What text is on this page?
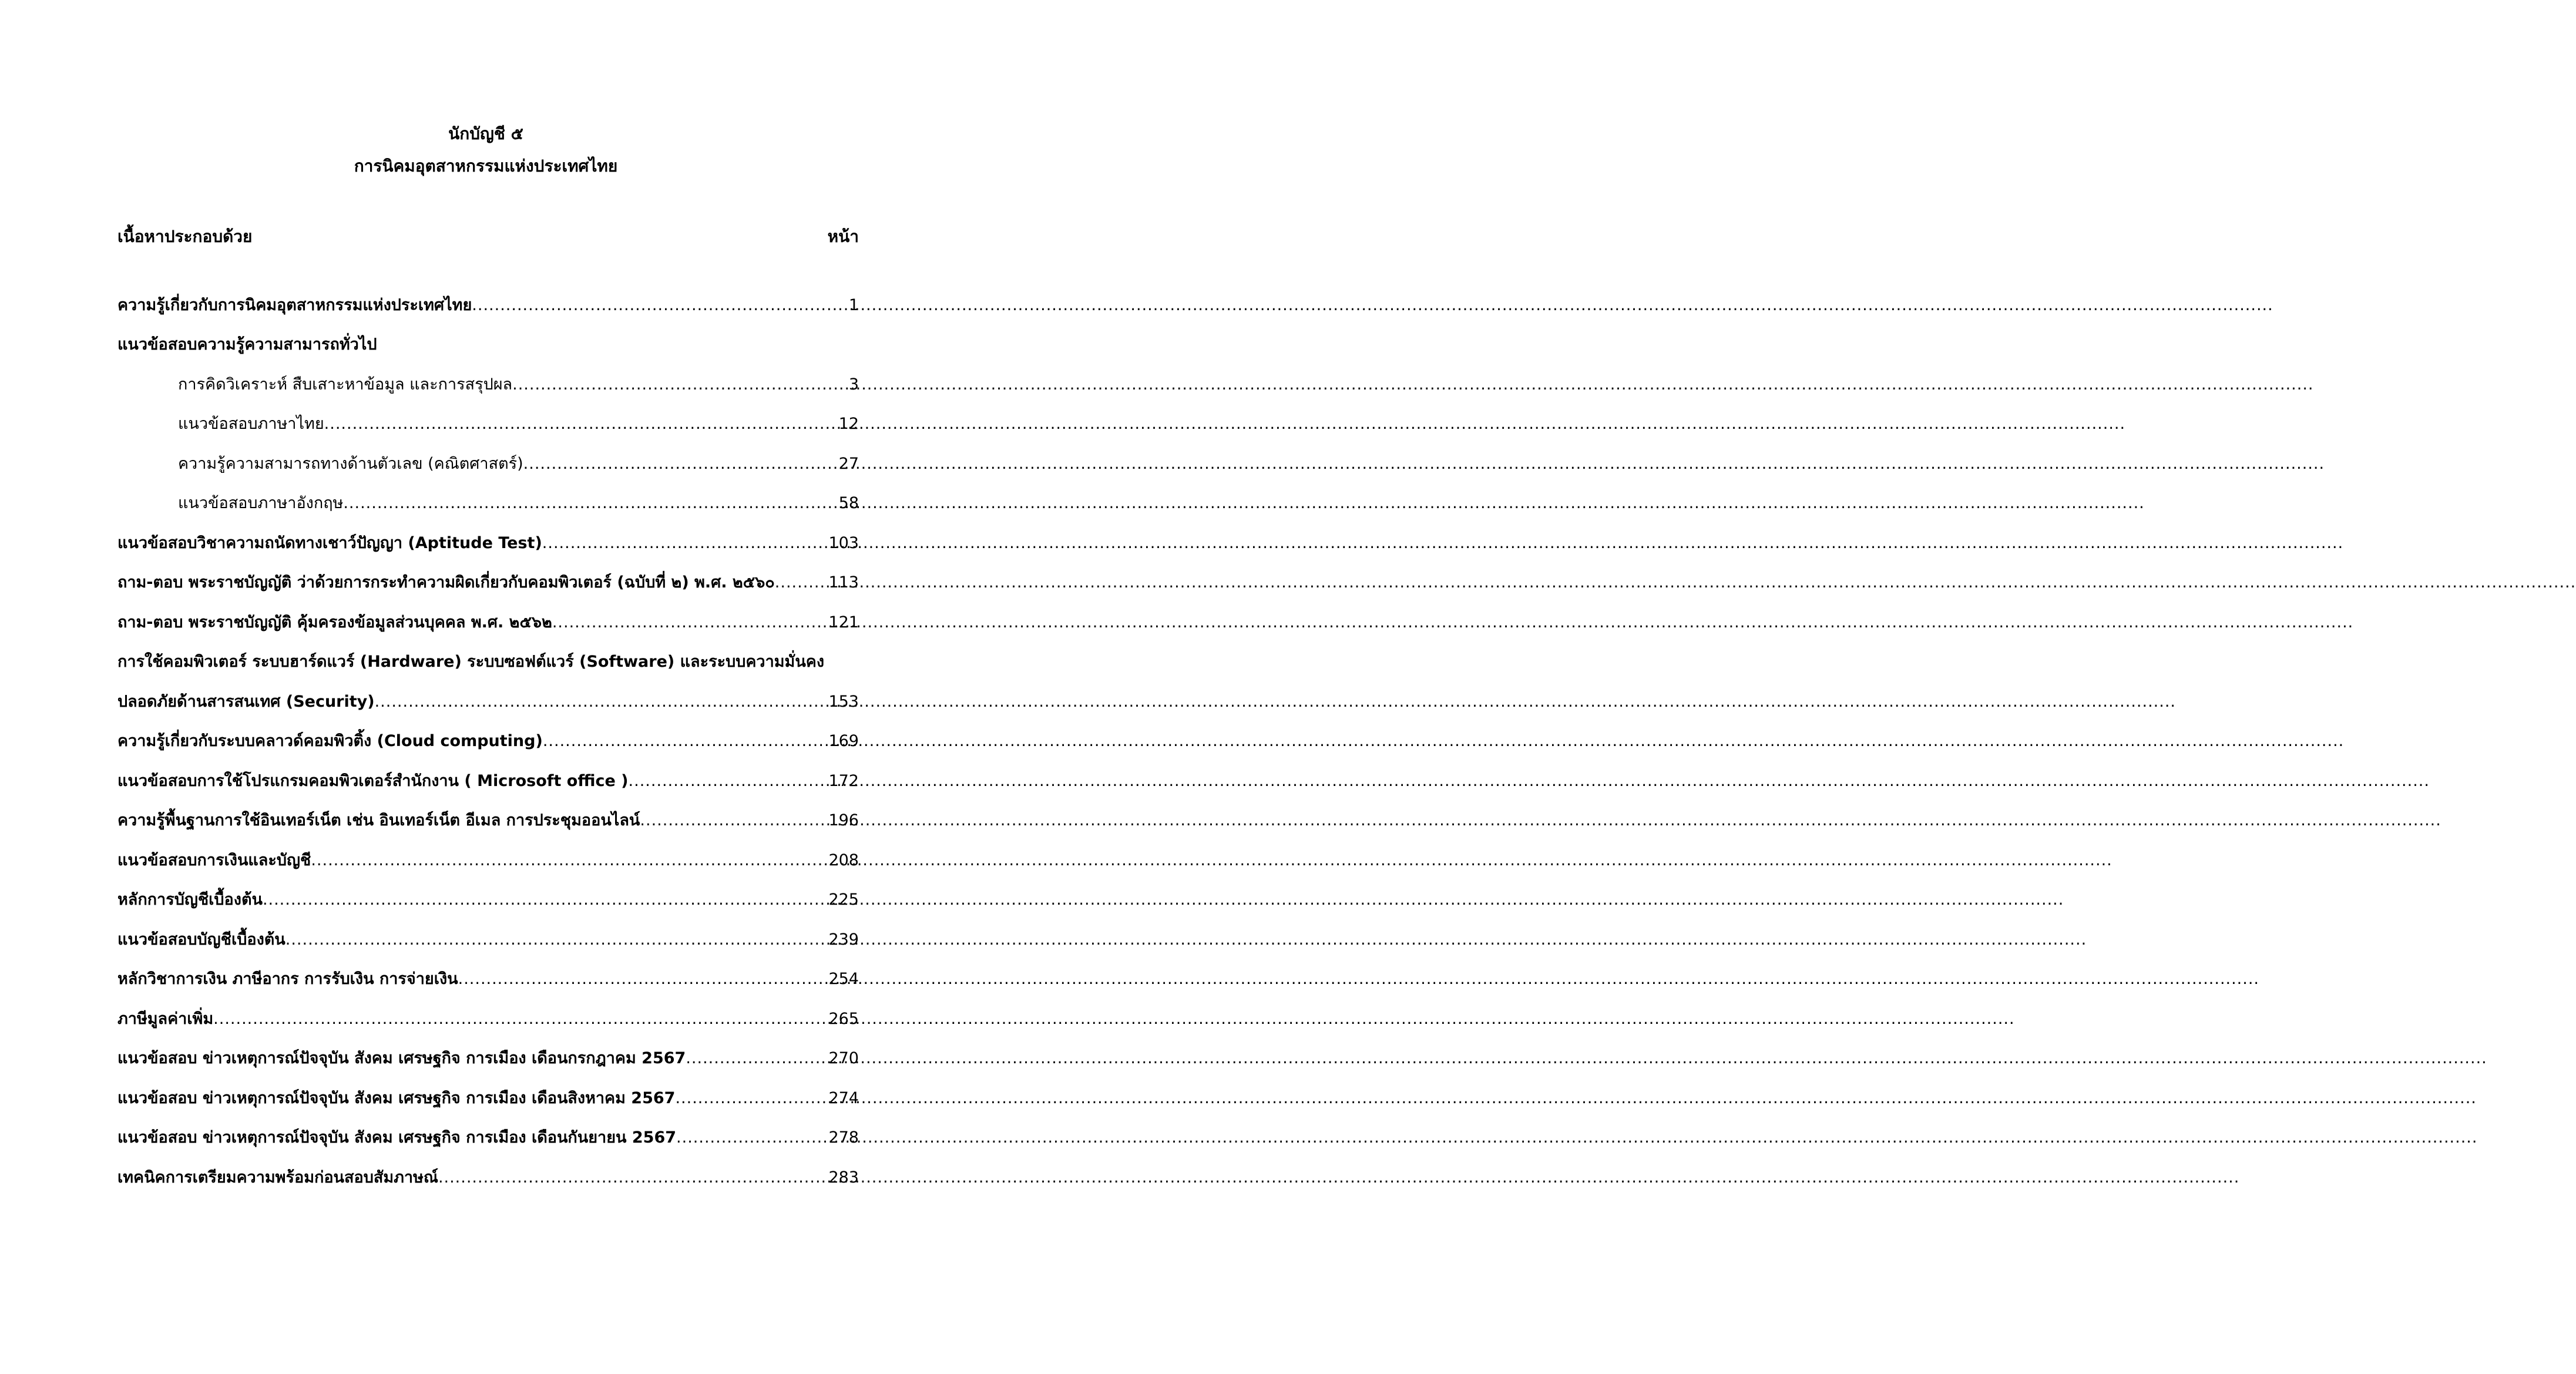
นักบัญชี ๕
การนิคมอุตสาหกรรมแห่งประเทศไทย
เนื้อหาประกอบด้วย	หน้า
ความรู้เกี่ยวกับการนิคมอุตสาหกรรมแห่งประเทศไทย .....	1
แนวข้อสอบความรู้ความสามารถทั่วไป
การคิดวิเคราะห์ สืบเสาะหาข้อมูล และการสรุปผล .....	3
แนวข้อสอบภาษาไทย .....	12
ความรู้ความสามารถทางด้านตัวเลข (คณิตศาสตร์) .....	27
แนวข้อสอบภาษาอังกฤษ .....	58
แนวข้อสอบวิชาความถนัดทางเชาว์ปัญญา (Aptitude Test) .....	103
ถาม-ตอบ พระราชบัญญัติ ว่าด้วยการกระทำความผิดเกี่ยวกับคอมพิวเตอร์ (ฉบับที่ ๒) พ.ศ. ๒๕๖๐ .....	113
ถาม-ตอบ พระราชบัญญัติ คุ้มครองข้อมูลส่วนบุคคล พ.ศ. ๒๕๖๒ .....	121
การใช้คอมพิวเตอร์ ระบบฮาร์ดแวร์ (Hardware) ระบบซอฟต์แวร์ (Software) และระบบความมั่นคง
ปลอดภัยด้านสารสนเทศ (Security) .....	153
ความรู้เกี่ยวกับระบบคลาวด์คอมพิวติ้ง (Cloud computing) .....	169
แนวข้อสอบการใช้โปรแกรมคอมพิวเตอร์สำนักงาน ( Microsoft office ) .....	172
ความรู้พื้นฐานการใช้อินเทอร์เน็ต เช่น อินเทอร์เน็ต อีเมล การประชุมออนไลน์ .....	196
แนวข้อสอบการเงินและบัญชี .....	208
หลักการบัญชีเบื้องต้น .....	225
แนวข้อสอบบัญชีเบื้องต้น .....	239
หลักวิชาการเงิน ภาษีอากร การรับเงิน การจ่ายเงิน .....	254
ภาษีมูลค่าเพิ่ม .....	265
แนวข้อสอบ ข่าวเหตุการณ์ปัจจุบัน สังคม เศรษฐกิจ การเมือง เดือนกรกฎาคม 2567 .....	270
แนวข้อสอบ ข่าวเหตุการณ์ปัจจุบัน สังคม เศรษฐกิจ การเมือง เดือนสิงหาคม 2567 .....	274
แนวข้อสอบ ข่าวเหตุการณ์ปัจจุบัน สังคม เศรษฐกิจ การเมือง เดือนกันยายน 2567 .....	278
เทคนิคการเตรียมความพร้อมก่อนสอบสัมภาษณ์ .....	283
